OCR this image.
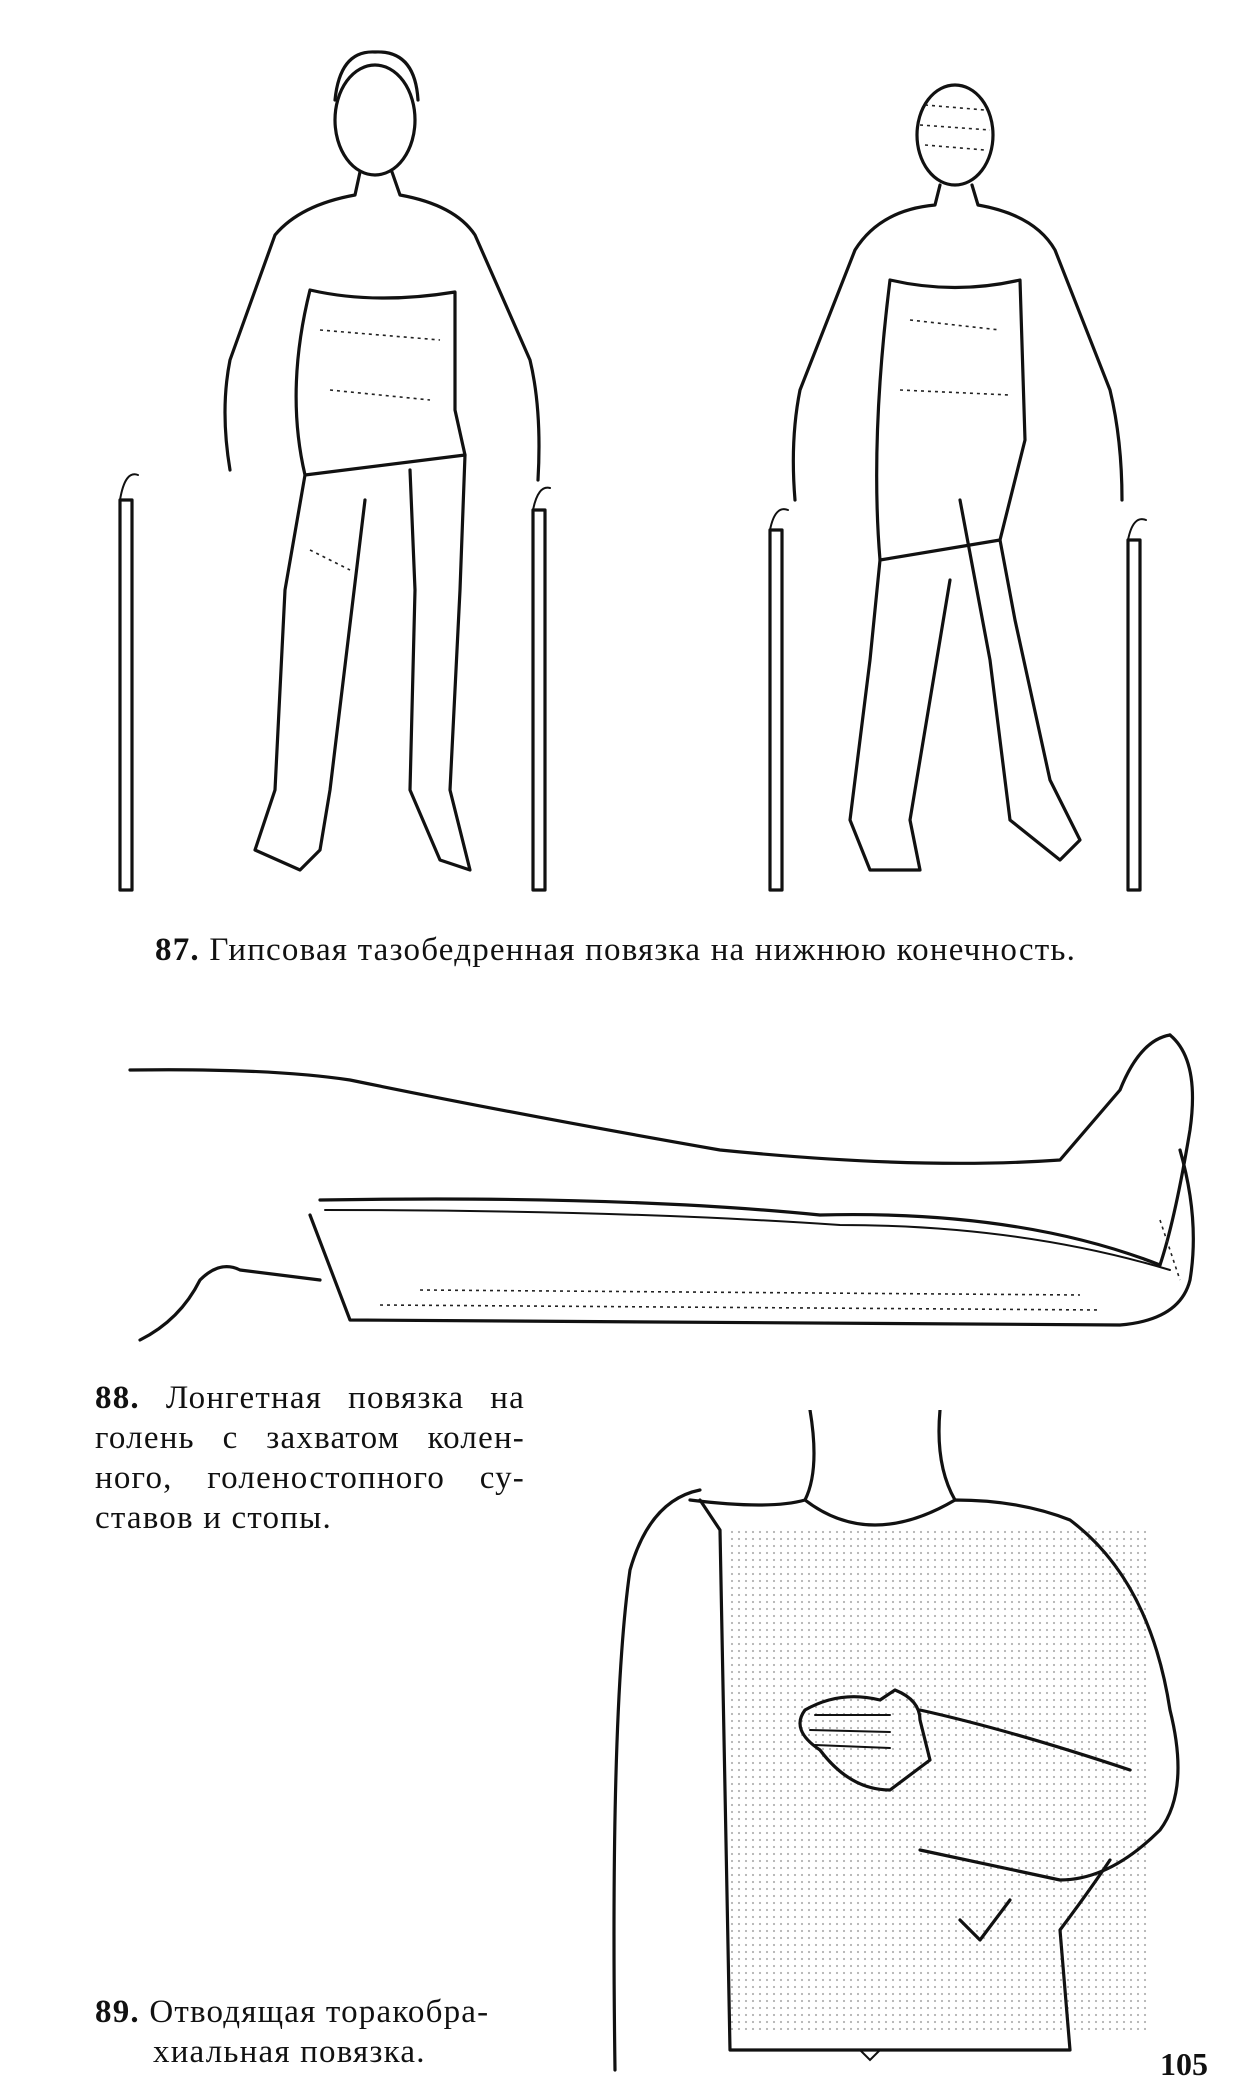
87. Гипсовая тазобедренная повязка на нижнюю конечность.
88. Лонгетная повязка на
голень с захватом колен-
ного, голеностопного су-
ставов и стопы.
89. Отводящая торакобра-
хиальная повязка.	105
